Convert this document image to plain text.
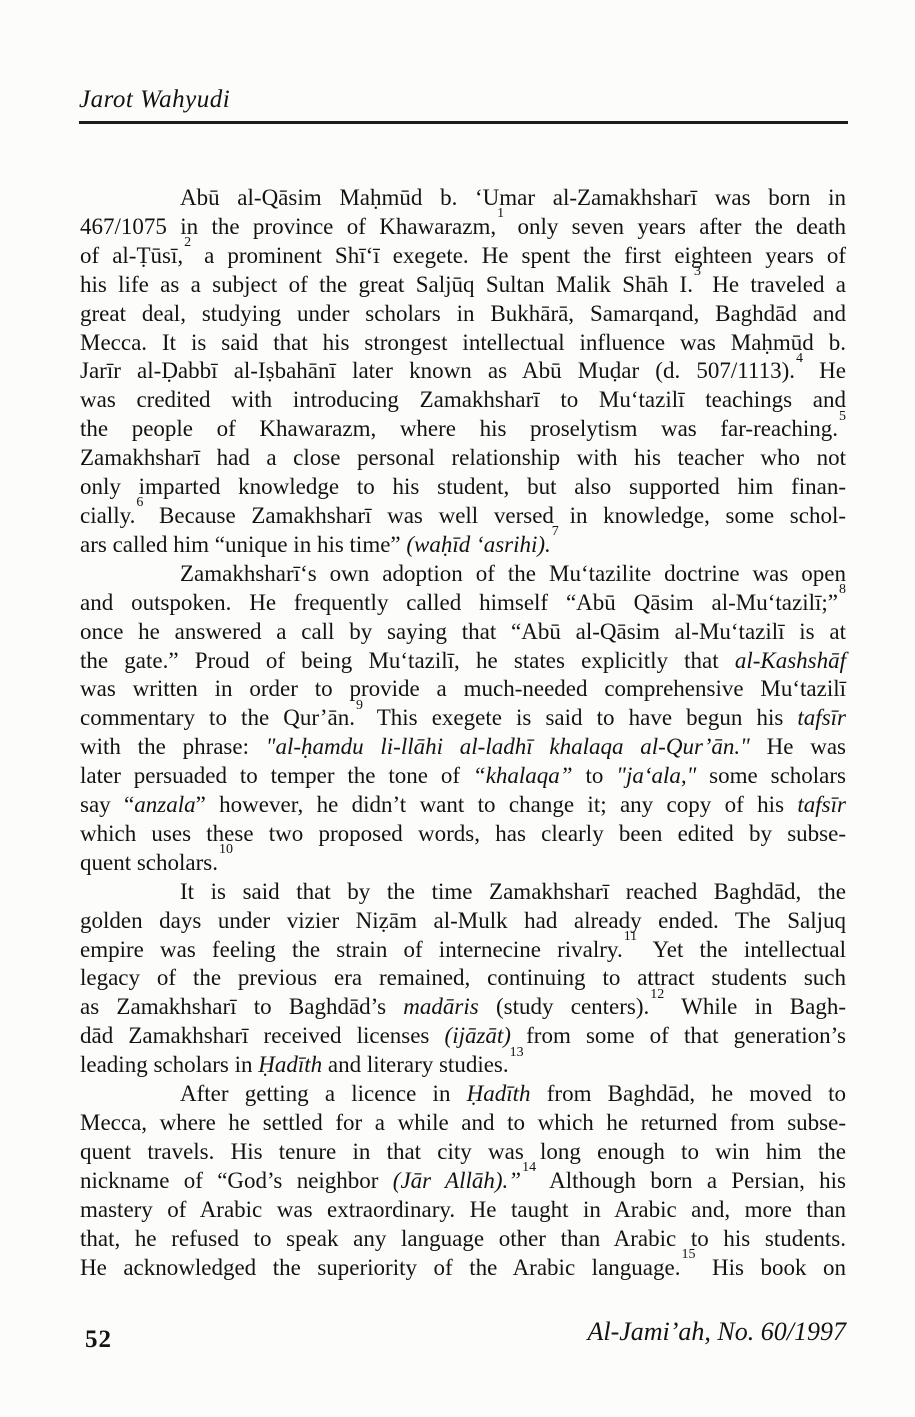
Jarot Wahyudi
Abū al-Qāsim Maḥmūd b. ‘Umar al-Zamakhsharī was born in
467/1075 in the province of Khawarazm,$^1$ only seven years after the death
of al-Ṭūsī,$^2$ a prominent Shī‘ī exegete. He spent the first eighteen years of
his life as a subject of the great Saljūq Sultan Malik Shāh I.$^3$ He traveled a
great deal, studying under scholars in Bukhārā, Samarqand, Baghdād and
Mecca. It is said that his strongest intellectual influence was Maḥmūd b.
Jarīr al-Ḍabbī al-Iṣbahānī later known as Abū Muḍar (d. 507/1113).$^4$ He
was credited with introducing Zamakhsharī to Mu‘tazilī teachings and
the people of Khawarazm, where his proselytism was far-reaching.$^5$
Zamakhsharī had a close personal relationship with his teacher who not
only imparted knowledge to his student, but also supported him finan-
cially.$^6$ Because Zamakhsharī was well versed in knowledge, some schol-
ars called him “unique in his time” (waḥīd ‘asrihi).$^7$
Zamakhsharī‘s own adoption of the Mu‘tazilite doctrine was open
and outspoken. He frequently called himself “Abū Qāsim al-Mu‘tazilī;”$^8$
once he answered a call by saying that “Abū al-Qāsim al-Mu‘tazilī is at
the gate.” Proud of being Mu‘tazilī, he states explicitly that al-Kashshāf
was written in order to provide a much-needed comprehensive Mu‘tazilī
commentary to the Qur’ān.$^9$ This exegete is said to have begun his tafsīr
with the phrase: "al-ḥamdu li-llāhi al-ladhī khalaqa al-Qur’ān." He was
later persuaded to temper the tone of “khalaqa” to "ja‘ala," some scholars
say “anzala” however, he didn’t want to change it; any copy of his tafsīr
which uses these two proposed words, has clearly been edited by subse-
quent scholars.$^{10}$
It is said that by the time Zamakhsharī reached Baghdād, the
golden days under vizier Niẓām al-Mulk had already ended. The Saljuq
empire was feeling the strain of internecine rivalry.$^{11}$ Yet the intellectual
legacy of the previous era remained, continuing to attract students such
as Zamakhsharī to Baghdād’s madāris (study centers).$^{12}$ While in Bagh-
dād Zamakhsharī received licenses (ijāzāt) from some of that generation’s
leading scholars in Ḥadīth and literary studies.$^{13}$
After getting a licence in Ḥadīth from Baghdād, he moved to
Mecca, where he settled for a while and to which he returned from subse-
quent travels. His tenure in that city was long enough to win him the
nickname of “God’s neighbor (Jār Allāh).”$^{14}$ Although born a Persian, his
mastery of Arabic was extraordinary. He taught in Arabic and, more than
that, he refused to speak any language other than Arabic to his students.
He acknowledged the superiority of the Arabic language.$^{15}$ His book on
52	Al-Jami’ah, No. 60/1997
